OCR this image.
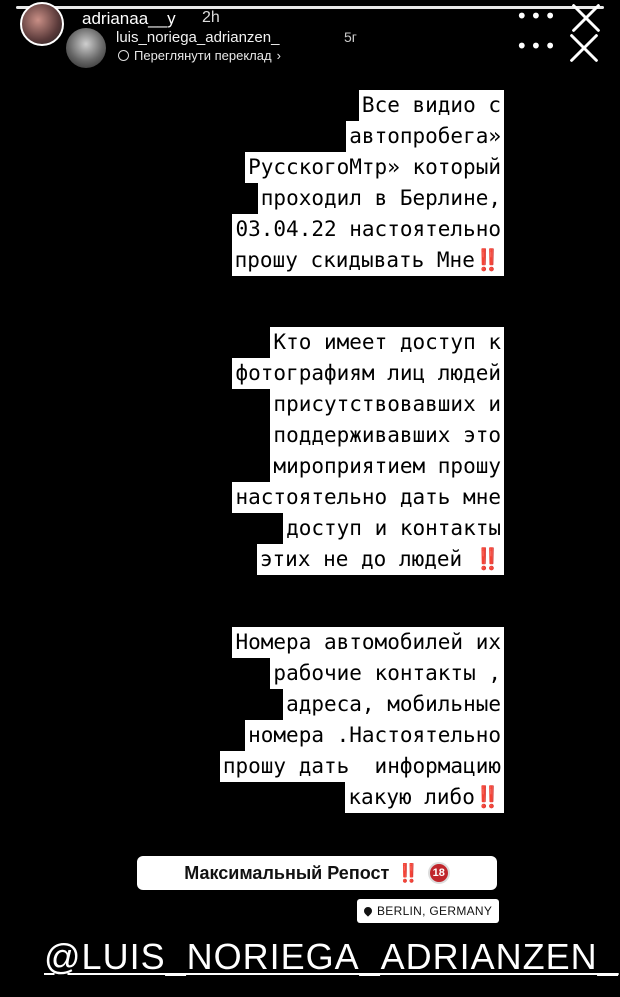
adrianaa__y 2h	• • •
luis_noriega_adrianzen_	5г
Переглянути переклад ›	• • •
Все видио с
автопробега»
РусскогоМтр» который
проходил в Берлине,
03.04.22 настоятельно
прошу скидывать Мне‼️
Кто имеет доступ к
фотографиям лиц людей
присутствовавших и
поддерживавших это
мироприятием прошу
настоятельно дать мне
доступ и контакты
этих не до людей ‼️
Номера автомобилей их
рабочие контакты ,
адреса, мобильные
номера .Настоятельно
прошу дать  информацию
какую либо‼️
Максимальный Репост ‼️	18
BERLIN, GERMANY
@LUIS_NORIEGA_ADRIANZEN_
